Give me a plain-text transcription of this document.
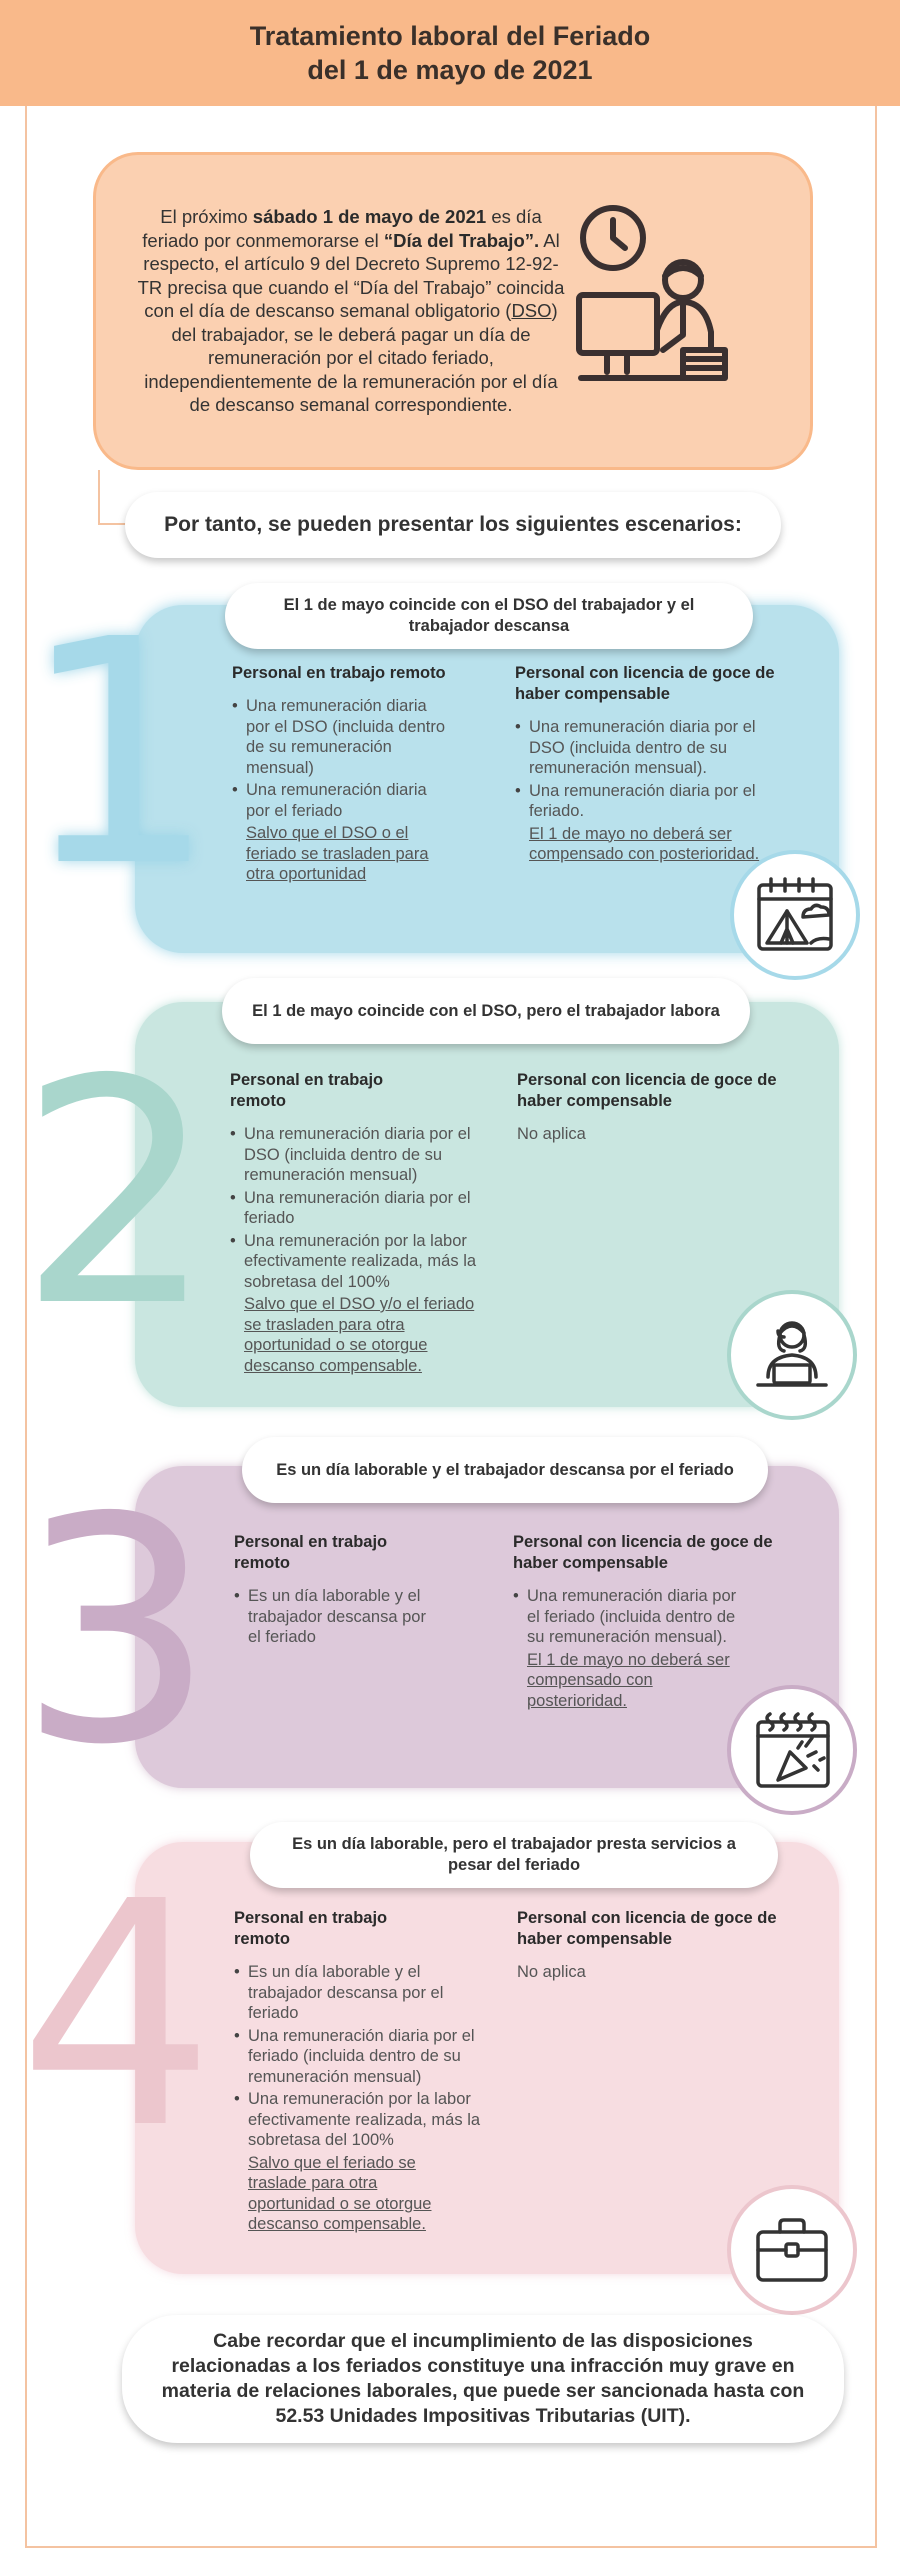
Tratamiento laboral del Feriado
del 1 de mayo de 2021

El próximo sábado 1 de mayo de 2021 es día feriado por conmemorarse el “Día del Trabajo”. Al respecto, el artículo 9 del Decreto Supremo 12-92-TR precisa que cuando el “Día del Trabajo” coincida con el día de descanso semanal obligatorio (DSO) del trabajador, se le deberá pagar un día de remuneración por el citado feriado, independientemente de la remuneración por el día de descanso semanal correspondiente.

Por tanto, se pueden presentar los siguientes escenarios:
1	El 1 de mayo coincide con el DSO del trabajador y el trabajador descansa
Personal en trabajo remoto
• Una remuneración diaria por el DSO (incluida dentro de su remuneración mensual)
• Una remuneración diaria por el feriado
Salvo que el DSO o el feriado se trasladen para otra oportunidad
Personal con licencia de goce de haber compensable
• Una remuneración diaria por el DSO (incluida dentro de su remuneración mensual).
• Una remuneración diaria por el feriado.
El 1 de mayo no deberá ser compensado con posterioridad.
2
El 1 de mayo coincide con el DSO, pero el trabajador labora
Personal en trabajo remoto
• Una remuneración diaria por el DSO (incluida dentro de su remuneración mensual)
• Una remuneración diaria por el feriado
• Una remuneración por la labor efectivamente realizada, más la sobretasa del 100%
Salvo que el DSO y/o el feriado se trasladen para otra oportunidad o se otorgue descanso compensable.
Personal con licencia de goce de haber compensable
No aplica
3	Es un día laborable y el trabajador descansa por el feriado
Personal en trabajo remoto
• Es un día laborable y el trabajador descansa por el feriado
Personal con licencia de goce de haber compensable
• Una remuneración diaria por el feriado (incluida dentro de su remuneración mensual).
El 1 de mayo no deberá ser compensado con posterioridad.
4	Es un día laborable, pero el trabajador presta servicios a pesar del feriado
Personal en trabajo remoto
• Es un día laborable y el trabajador descansa por el feriado
• Una remuneración diaria por el feriado (incluida dentro de su remuneración mensual)
• Una remuneración por la labor efectivamente realizada, más la sobretasa del 100%
Salvo que el feriado se traslade para otra oportunidad o se otorgue descanso compensable.
Personal con licencia de goce de haber compensable
No aplica
Cabe recordar que el incumplimiento de las disposiciones relacionadas a los feriados constituye una infracción muy grave en materia de relaciones laborales, que puede ser sancionada hasta con 52.53 Unidades Impositivas Tributarias (UIT).
